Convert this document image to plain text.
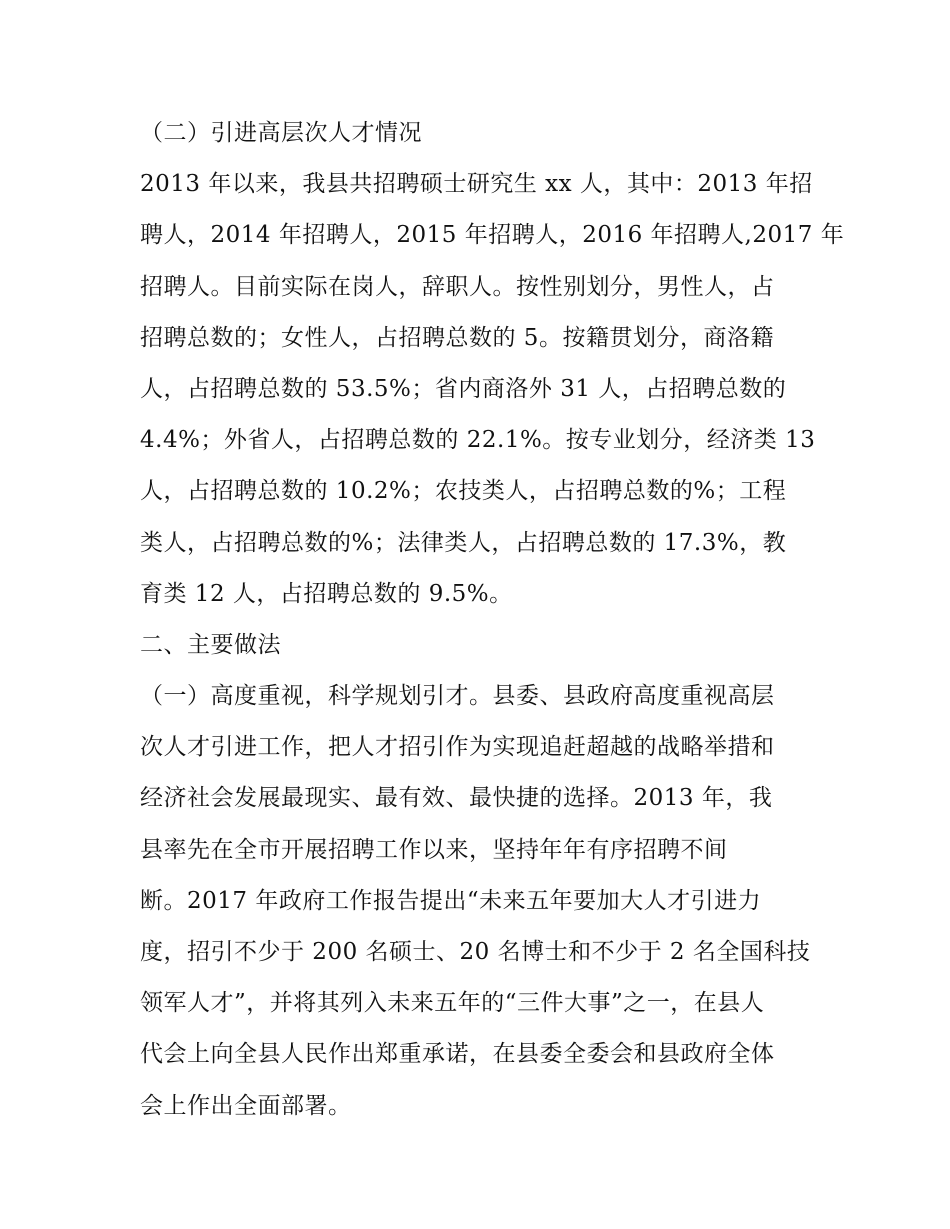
（二）引进高层次人才情况
2013 年以来，我县共招聘硕士研究生 xx 人，其中：2013 年招
聘人，2014 年招聘人，2015 年招聘人，2016 年招聘人,2017 年
招聘人。目前实际在岗人，辞职人。按性别划分，男性人，占
招聘总数的；女性人，占招聘总数的 5。按籍贯划分，商洛籍
人，占招聘总数的 53.5%；省内商洛外 31 人，占招聘总数的
4.4%；外省人，占招聘总数的 22.1%。按专业划分，经济类 13
人，占招聘总数的 10.2%；农技类人，占招聘总数的%；工程
类人，占招聘总数的%；法律类人，占招聘总数的 17.3%，教
育类 12 人，占招聘总数的 9.5%。
二、主要做法
（一）高度重视，科学规划引才。县委、县政府高度重视高层
次人才引进工作，把人才招引作为实现追赶超越的战略举措和
经济社会发展最现实、最有效、最快捷的选择。2013 年，我
县率先在全市开展招聘工作以来，坚持年年有序招聘不间
断。2017 年政府工作报告提出“未来五年要加大人才引进力
度，招引不少于 200 名硕士、20 名博士和不少于 2 名全国科技
领军人才”，并将其列入未来五年的“三件大事”之一，在县人
代会上向全县人民作出郑重承诺，在县委全委会和县政府全体
会上作出全面部署。
